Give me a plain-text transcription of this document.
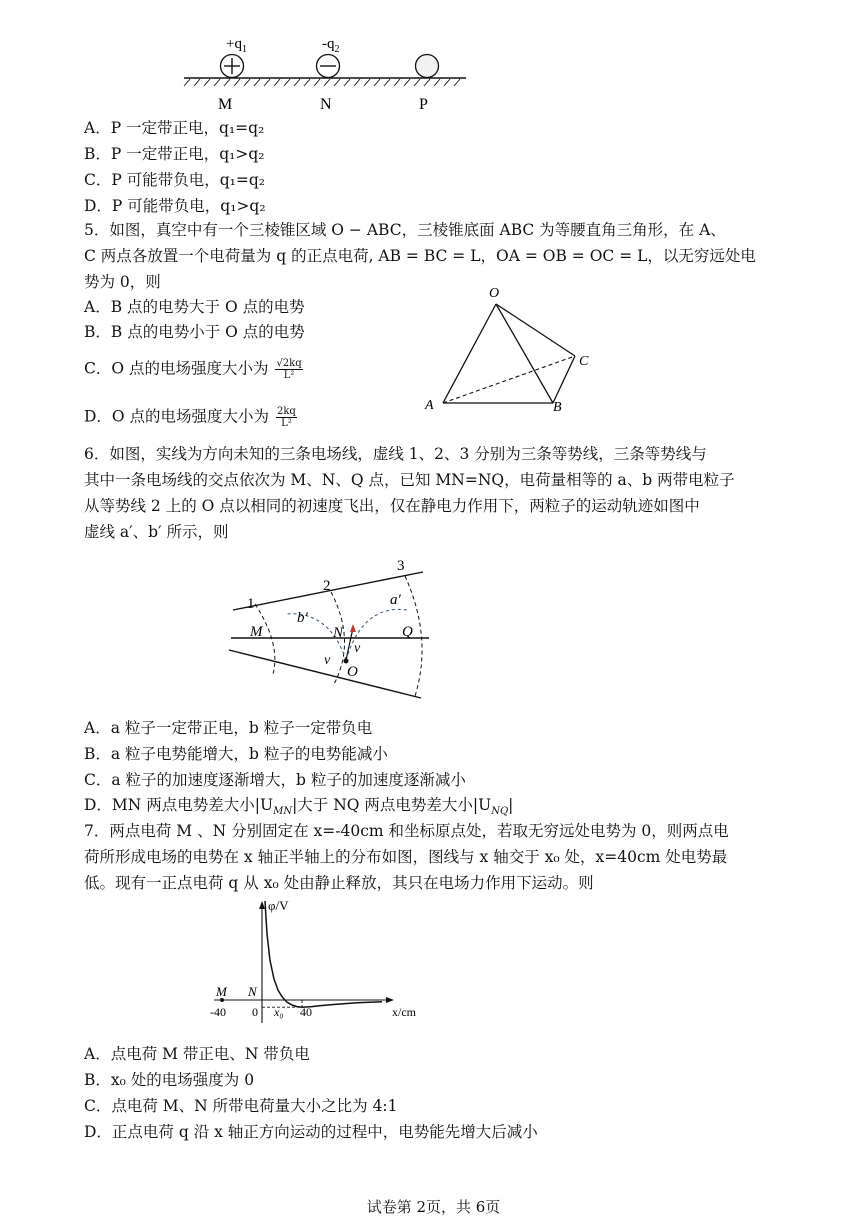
$+q_1$	$-q_2$
M	N	P
A．P 一定带正电，q₁=q₂
B．P 一定带正电，q₁>q₂
C．P 可能带负电，q₁=q₂
D．P 可能带负电，q₁>q₂
5．如图，真空中有一个三棱锥区域 O − ABC，三棱锥底面 ABC 为等腰直角三角形，在 A、
C 两点各放置一个电荷量为 q 的正点电荷, AB = BC = L，OA = OB = OC = L，以无穷远处电
势为 0，则
A．B 点的电势大于 O 点的电势
B．B 点的电势小于 O 点的电势
C．O 点的电场强度大小为 $\frac{√2kq}{\text{L²}}$
D．O 点的电场强度大小为 $\frac{2kq}{\text{L²}}$
O
A	B
C
6．如图，实线为方向未知的三条电场线，虚线 1、2、3 分别为三条等势线，三条等势线与
其中一条电场线的交点依次为 M、N、Q 点，已知 MN=NQ，电荷量相等的 a、b 两带电粒子
从等势线 2 上的 O 点以相同的初速度飞出，仅在静电力作用下，两粒子的运动轨迹如图中
虚线 a′、b′ 所示，则
1
2
3
M	N	Q
b′
a′
v
v
O
A．a 粒子一定带正电，b 粒子一定带负电
B．a 粒子电势能增大，b 粒子的电势能减小
C．a 粒子的加速度逐渐增大，b 粒子的加速度逐渐减小
D．MN 两点电势差大小$|U_{MN}|$大于 NQ 两点电势差大小$|U_{NQ}|$
7．两点电荷 M 、N 分别固定在 x=-40cm 和坐标原点处，若取无穷远处电势为 0，则两点电
荷所形成电场的电势在 x 轴正半轴上的分布如图，图线与 x 轴交于 x₀ 处，x=40cm 处电势最
低。现有一正点电荷 q 从 x₀ 处由静止释放，其只在电场力作用下运动。则
φ/V
x/cm
M N
-40 0 x₀ 40
A．点电荷 M 带正电、N 带负电
B．x₀ 处的电场强度为 0
C．点电荷 M、N 所带电荷量大小之比为 4:1
D．正点电荷 q 沿 x 轴正方向运动的过程中，电势能先增大后减小
试卷第 2页，共 6页
